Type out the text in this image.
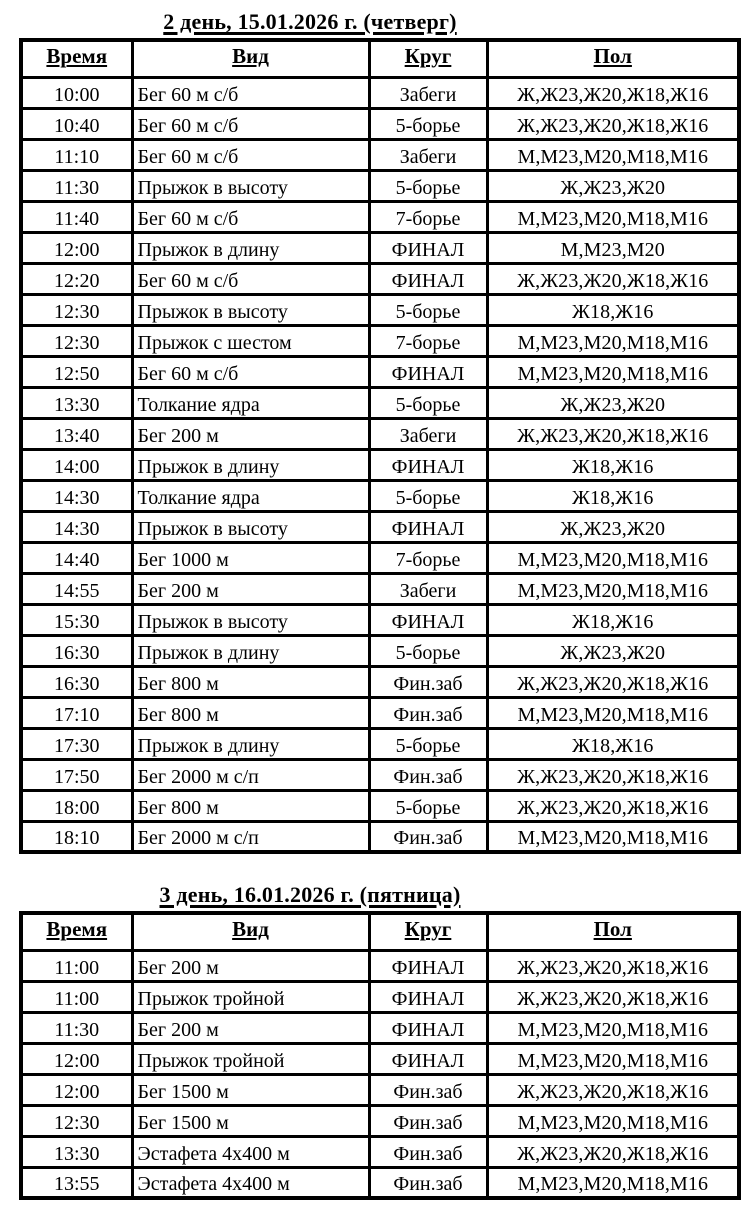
2 день, 15.01.2026 г. (четверг)
Время	Вид	Круг	Пол
10:00	Бег 60 м с/б	Забеги	Ж,Ж23,Ж20,Ж18,Ж16
10:40	Бег 60 м с/б	5-борье	Ж,Ж23,Ж20,Ж18,Ж16
11:10	Бег 60 м с/б	Забеги	М,М23,М20,М18,М16
11:30	Прыжок в высоту	5-борье	Ж,Ж23,Ж20
11:40	Бег 60 м с/б	7-борье	М,М23,М20,М18,М16
12:00	Прыжок в длину	ФИНАЛ	М,М23,М20
12:20	Бег 60 м с/б	ФИНАЛ	Ж,Ж23,Ж20,Ж18,Ж16
12:30	Прыжок в высоту	5-борье	Ж18,Ж16
12:30	Прыжок с шестом	7-борье	М,М23,М20,М18,М16
12:50	Бег 60 м с/б	ФИНАЛ	М,М23,М20,М18,М16
13:30	Толкание ядра	5-борье	Ж,Ж23,Ж20
13:40	Бег 200 м	Забеги	Ж,Ж23,Ж20,Ж18,Ж16
14:00	Прыжок в длину	ФИНАЛ	Ж18,Ж16
14:30	Толкание ядра	5-борье	Ж18,Ж16
14:30	Прыжок в высоту	ФИНАЛ	Ж,Ж23,Ж20
14:40	Бег 1000 м	7-борье	М,М23,М20,М18,М16
14:55	Бег 200 м	Забеги	М,М23,М20,М18,М16
15:30	Прыжок в высоту	ФИНАЛ	Ж18,Ж16
16:30	Прыжок в длину	5-борье	Ж,Ж23,Ж20
16:30	Бег 800 м	Фин.заб	Ж,Ж23,Ж20,Ж18,Ж16
17:10	Бег 800 м	Фин.заб	М,М23,М20,М18,М16
17:30	Прыжок в длину	5-борье	Ж18,Ж16
17:50	Бег 2000 м с/п	Фин.заб	Ж,Ж23,Ж20,Ж18,Ж16
18:00	Бег 800 м	5-борье	Ж,Ж23,Ж20,Ж18,Ж16
18:10	Бег 2000 м с/п	Фин.заб	М,М23,М20,М18,М16
3 день, 16.01.2026 г. (пятница)
Время	Вид	Круг	Пол
11:00	Бег 200 м	ФИНАЛ	Ж,Ж23,Ж20,Ж18,Ж16
11:00	Прыжок тройной	ФИНАЛ	Ж,Ж23,Ж20,Ж18,Ж16
11:30	Бег 200 м	ФИНАЛ	М,М23,М20,М18,М16
12:00	Прыжок тройной	ФИНАЛ	М,М23,М20,М18,М16
12:00	Бег 1500 м	Фин.заб	Ж,Ж23,Ж20,Ж18,Ж16
12:30	Бег 1500 м	Фин.заб	М,М23,М20,М18,М16
13:30	Эстафета 4х400 м	Фин.заб	Ж,Ж23,Ж20,Ж18,Ж16
13:55	Эстафета 4х400 м	Фин.заб	М,М23,М20,М18,М16
